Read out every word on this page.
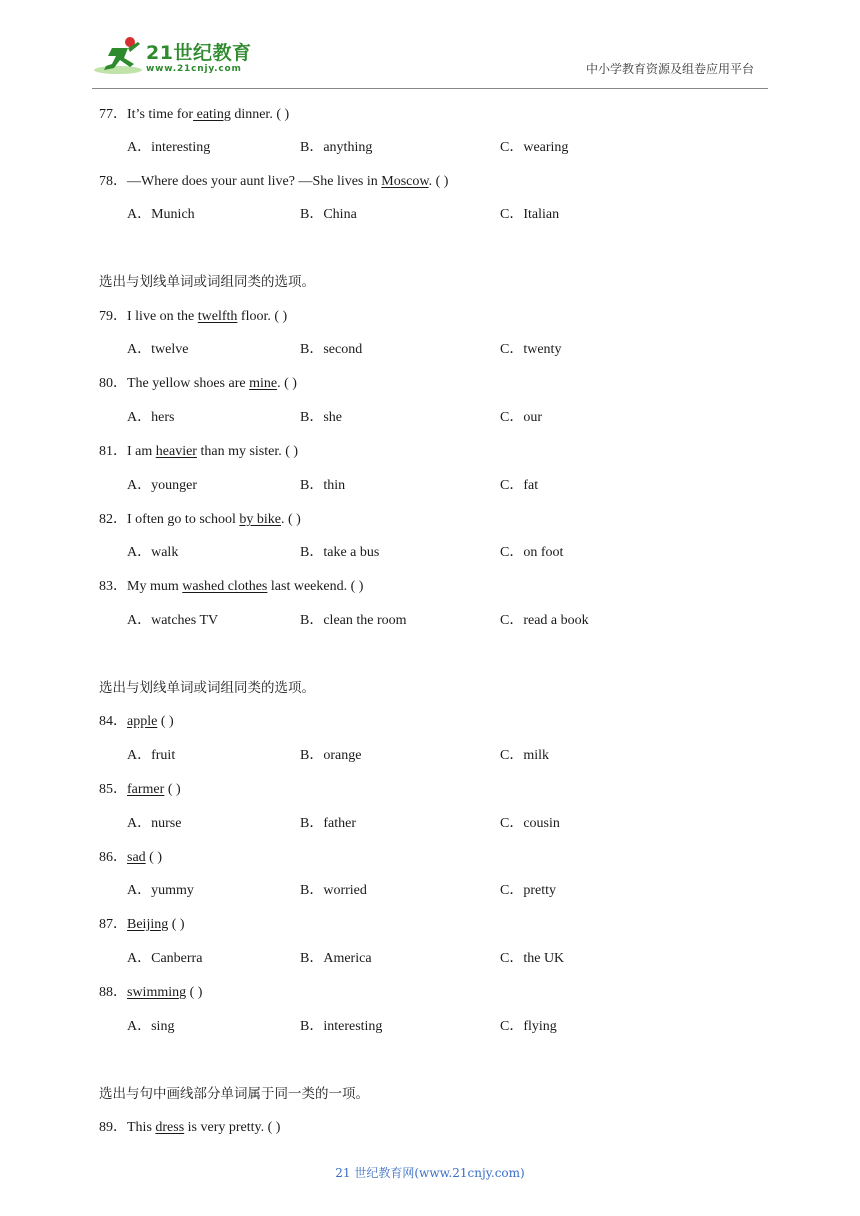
21世纪教育
www.21cnjy.com	中小学教育资源及组卷应用平台
77．It’s time for eating dinner. ( )
A．interesting	B．anything	C．wearing
78．—Where does your aunt live? —She lives in Moscow. ( )
A．Munich	B．China	C．Italian
选出与划线单词或词组同类的选项。
79．I live on the twelfth floor. ( )
A．twelve	B．second	C．twenty
80．The yellow shoes are mine. ( )
A．hers	B．she	C．our
81．I am heavier than my sister. ( )
A．younger	B．thin	C．fat
82．I often go to school by bike. ( )
A．walk	B．take a bus	C．on foot
83．My mum washed clothes last weekend. ( )
A．watches TV	B．clean the room	C．read a book
选出与划线单词或词组同类的选项。
84．apple ( )
A．fruit	B．orange	C．milk
85．farmer ( )
A．nurse	B．father	C．cousin
86．sad ( )
A．yummy	B．worried	C．pretty
87．Beijing ( )
A．Canberra	B．America	C．the UK
88．swimming ( )
A．sing	B．interesting	C．flying
选出与句中画线部分单词属于同一类的一项。
89．This dress is very pretty. ( )
21 世纪教育网(www.21cnjy.com)
